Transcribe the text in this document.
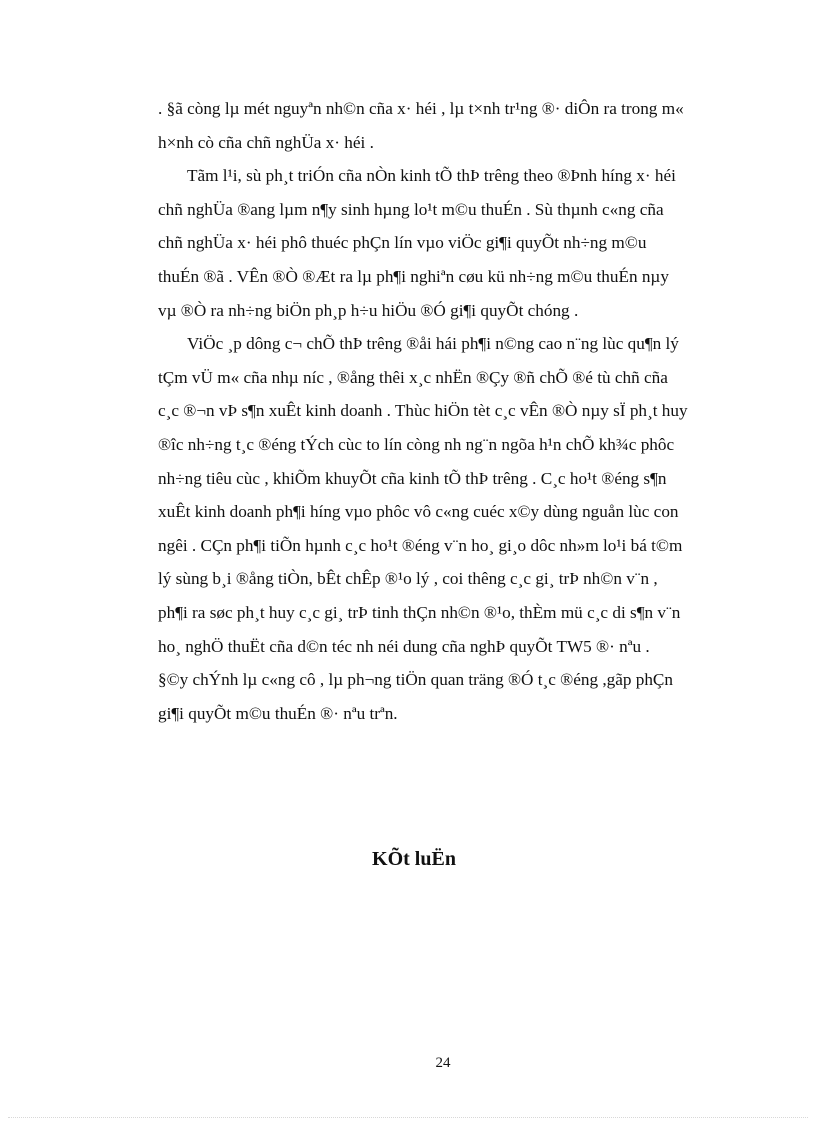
. §ã còng lµ mét nguyªn nh©n cña x· héi , lµ t×nh tr¹ng ®· diÔn ra trong m«
h×nh cò cña chñ nghÜa x· héi .
Tãm l¹i, sù ph¸t triÓn cña nÒn kinh tÕ thÞ trêng theo ®Þnh híng x· héi
chñ nghÜa ®ang lµm n¶y sinh hµng lo¹t m©u thuÉn . Sù thµnh c«ng cña
chñ nghÜa x· héi phô thuéc phÇn lín vµo viÖc gi¶i quyÕt nh÷ng m©u
thuÉn ®ã . VÊn ®Ò ®Æt ra lµ ph¶i nghiªn cøu kü nh÷ng m©u thuÉn nµy
vµ ®Ò ra nh÷ng biÖn ph¸p h÷u hiÖu ®Ó gi¶i quyÕt chóng .
ViÖc ¸p dông c¬ chÕ thÞ trêng ®åi hái ph¶i n©ng cao n¨ng lùc qu¶n lý
tÇm vÜ m« cña nhµ níc , ®ång thêi x¸c nhËn ®Çy ®ñ chÕ ®é tù chñ cña
c¸c ®¬n vÞ s¶n xuÊt kinh doanh . Thùc hiÖn tèt c¸c vÊn ®Ò nµy sÏ ph¸t huy
®îc nh÷ng t¸c ®éng tÝch cùc to lín còng nh ng¨n ngõa h¹n chÕ kh¾c phôc
nh÷ng tiêu cùc , khiÕm khuyÕt cña kinh tÕ thÞ trêng . C¸c ho¹t ®éng s¶n
xuÊt kinh doanh ph¶i híng vµo phôc vô c«ng cuéc x©y dùng nguån lùc con
ngêi . CÇn ph¶i tiÕn hµnh c¸c ho¹t ®éng v¨n ho¸ gi¸o dôc nh»m lo¹i bá t©m
lý sùng b¸i ®ång tiÒn, bÊt chÊp ®¹o lý , coi thêng c¸c gi¸ trÞ nh©n v¨n ,
ph¶i ra søc ph¸t huy c¸c gi¸ trÞ tinh thÇn nh©n ®¹o, thÈm mü c¸c di s¶n v¨n
ho¸ nghÖ thuËt cña d©n téc nh néi dung cña nghÞ quyÕt TW5 ®· nªu .
§©y chÝnh lµ c«ng cô , lµ ph¬ng tiÖn quan träng ®Ó t¸c ®éng ,gãp phÇn
gi¶i quyÕt m©u thuÉn ®· nªu trªn.
KÕt luËn
24
